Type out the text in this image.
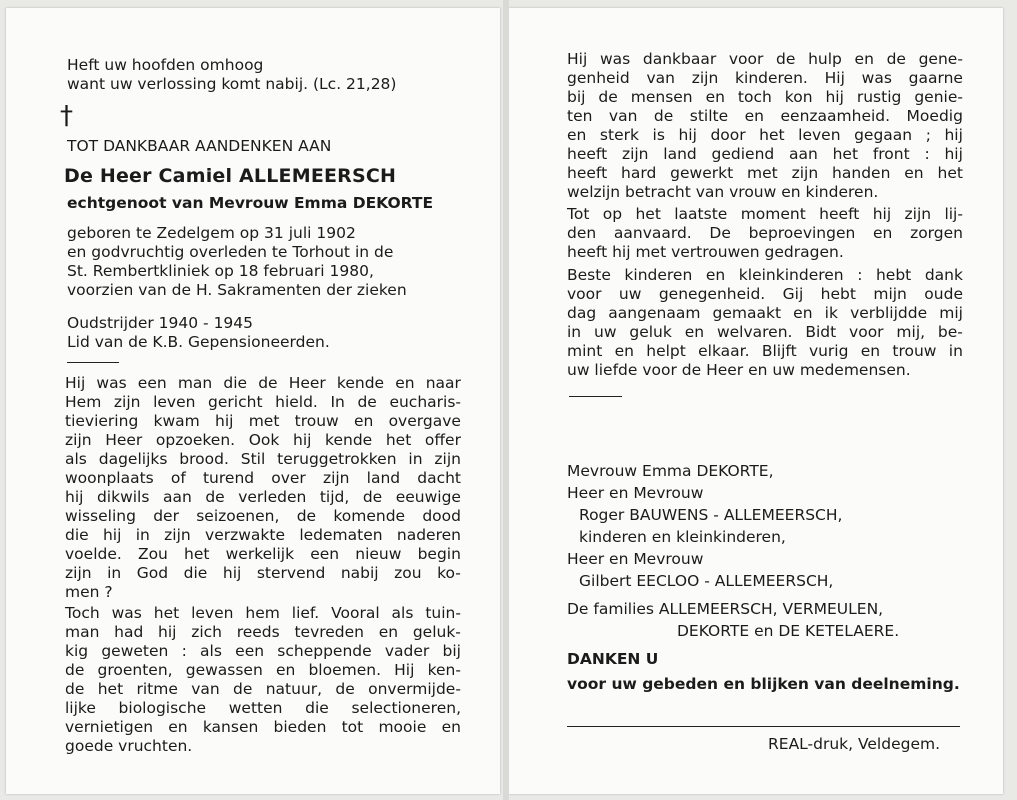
Heft uw hoofden omhoog
want uw verlossing komt nabij. (Lc. 21,28)
†
TOT DANKBAAR AANDENKEN AAN
De Heer Camiel ALLEMEERSCH
echtgenoot van Mevrouw Emma DEKORTE
geboren te Zedelgem op 31 juli 1902
en godvruchtig overleden te Torhout in de
St. Rembertkliniek op 18 februari 1980,
voorzien van de H. Sakramenten der zieken
Oudstrijder 1940 - 1945
Lid van de K.B. Gepensioneerden.
Hij was een man die de Heer kende en naar
Hem zijn leven gericht hield. In de eucharis-
tieviering kwam hij met trouw en overgave
zijn Heer opzoeken. Ook hij kende het offer
als dagelijks brood. Stil teruggetrokken in zijn
woonplaats of turend over zijn land dacht
hij dikwils aan de verleden tijd, de eeuwige
wisseling der seizoenen, de komende dood
die hij in zijn verzwakte ledematen naderen
voelde. Zou het werkelijk een nieuw begin
zijn in God die hij stervend nabij zou ko-
men ?
Toch was het leven hem lief. Vooral als tuin-
man had hij zich reeds tevreden en geluk-
kig geweten : als een scheppende vader bij
de groenten, gewassen en bloemen. Hij ken-
de het ritme van de natuur, de onvermijde-
lijke biologische wetten die selectioneren,
vernietigen en kansen bieden tot mooie en
goede vruchten.
Hij was dankbaar voor de hulp en de gene-
genheid van zijn kinderen. Hij was gaarne
bij de mensen en toch kon hij rustig genie-
ten van de stilte en eenzaamheid. Moedig
en sterk is hij door het leven gegaan ; hij
heeft zijn land gediend aan het front : hij
heeft hard gewerkt met zijn handen en het
welzijn betracht van vrouw en kinderen.
Tot op het laatste moment heeft hij zijn lij-
den aanvaard. De beproevingen en zorgen
heeft hij met vertrouwen gedragen.
Beste kinderen en kleinkinderen : hebt dank
voor uw genegenheid. Gij hebt mijn oude
dag aangenaam gemaakt en ik verblijdde mij
in uw geluk en welvaren. Bidt voor mij, be-
mint en helpt elkaar. Blijft vurig en trouw in
uw liefde voor de Heer en uw medemensen.
Mevrouw Emma DEKORTE,
Heer en Mevrouw
Roger BAUWENS - ALLEMEERSCH,
kinderen en kleinkinderen,
Heer en Mevrouw
Gilbert EECLOO - ALLEMEERSCH,
De families ALLEMEERSCH, VERMEULEN,
DEKORTE en DE KETELAERE.
DANKEN U
voor uw gebeden en blijken van deelneming.
REAL-druk, Veldegem.
